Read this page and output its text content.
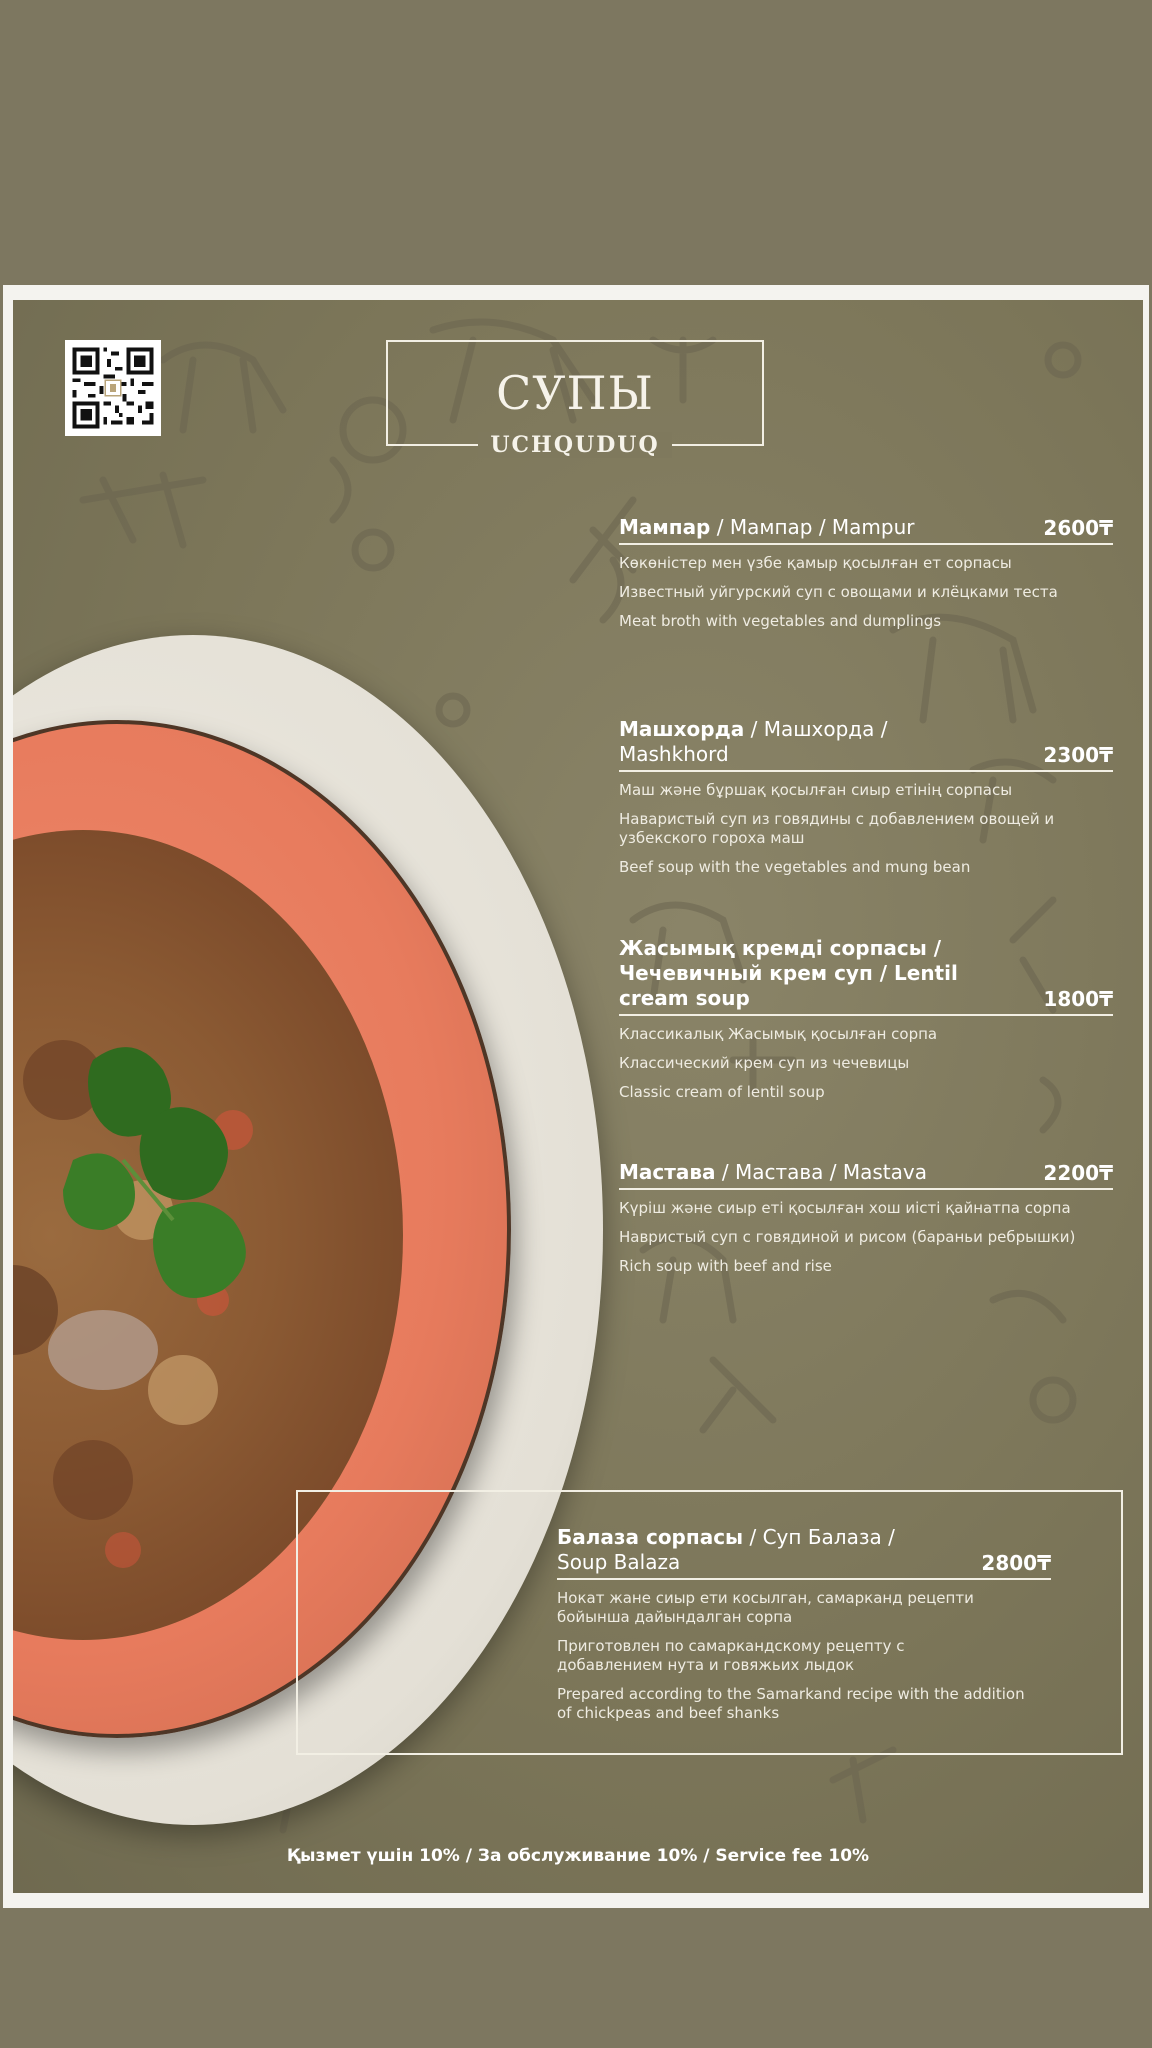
СУПЫ
UCHQUDUQ
Мампар / Мампар / Mampur	2600₸
Көкөністер мен үзбе қамыр қосылған ет сорпасы
Известный уйгурский суп с овощами и клёцками теста
Meat broth with vegetables and dumplings
Машхорда / Машхорда / Mashkhord	2300₸
Маш және бұршақ қосылған сиыр етінің сорпасы
Наваристый суп из говядины с добавлением овощей и узбекского гороха маш
Beef soup with the vegetables and mung bean
Жасымық кремді сорпасы / Чечевичный крем суп / Lentil cream soup	1800₸
Классикалық Жасымық қосылған сорпа
Классический крем суп из чечевицы
Classic cream of lentil soup
Мастава / Мастава / Mastava	2200₸
Күріш және сиыр еті қосылған хош иісті қайнатпа сорпа
Навристый суп с говядиной и рисом (бараньи ребрышки)
Rich soup with beef and rise
Балаза сорпасы / Суп Балаза / Soup Balaza	2800₸
Нокат жане сиыр ети косылган, самарканд рецепти бойынша дайындалган сорпа
Приготовлен по самаркандскому рецепту с добавлением нута и говяжьих лыдок
Prepared according to the Samarkand recipe with the addition of chickpeas and beef shanks
Қызмет үшін 10% / За обслуживание 10% / Service fee 10%
